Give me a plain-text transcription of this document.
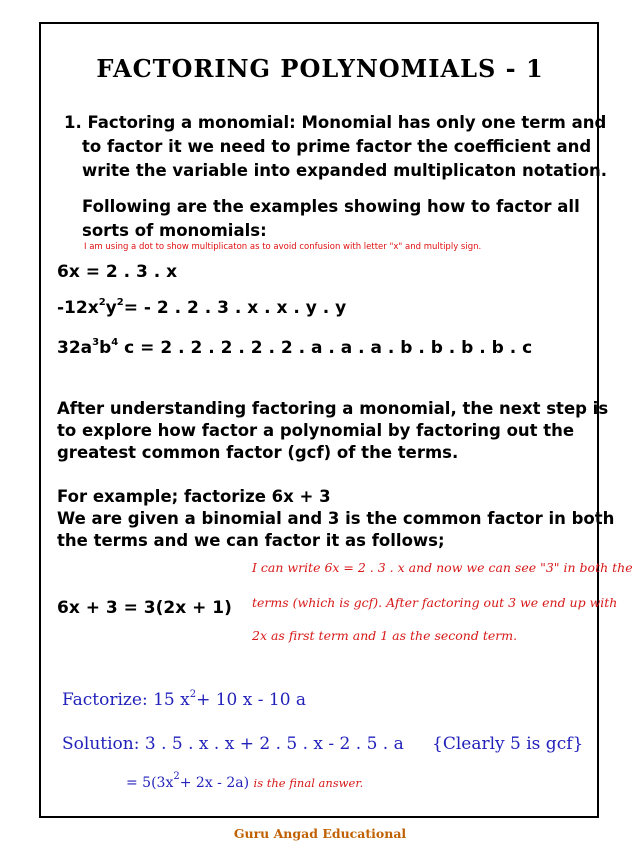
FACTORING POLYNOMIALS - 1
1. Factoring a monomial: Monomial has only one term and
to factor it we need to prime factor the coefficient and
write the variable into expanded multiplicaton notation.
Following are the examples showing how to factor all
sorts of monomials:
I am using a dot to show multiplicaton as to avoid confusion with letter "x" and multiply sign.
6x = 2 . 3 . x
$-12x^2y^2= - 2$ . 2 . 3 . x . x . y . y
$32a^3b^4$ c = 2 . 2 . 2 . 2 . 2 . a . a . a . b . b . b . b . c
After understanding factoring a monomial, the next step is
to explore how factor a polynomial by factoring out the
greatest common factor (gcf) of the terms.
For example; factorize 6x + 3
We are given a binomial and 3 is the common factor in both
the terms and we can factor it as follows;
6x + 3 = 3(2x + 1)
I can write 6x = 2 . 3 . x and now we can see "3" in both the
terms (which is gcf). After factoring out 3 we end up with
2x as first term and 1 as the second term.
Factorize: 15 $x^2+ 10$ x - 10 a
Solution: 3 . 5 . x . x + 2 . 5 . x - 2 . 5 . a {Clearly 5 is gcf}
= $5(3x^2+ 2x - 2a)$ is the final answer.
Guru Angad Educational
